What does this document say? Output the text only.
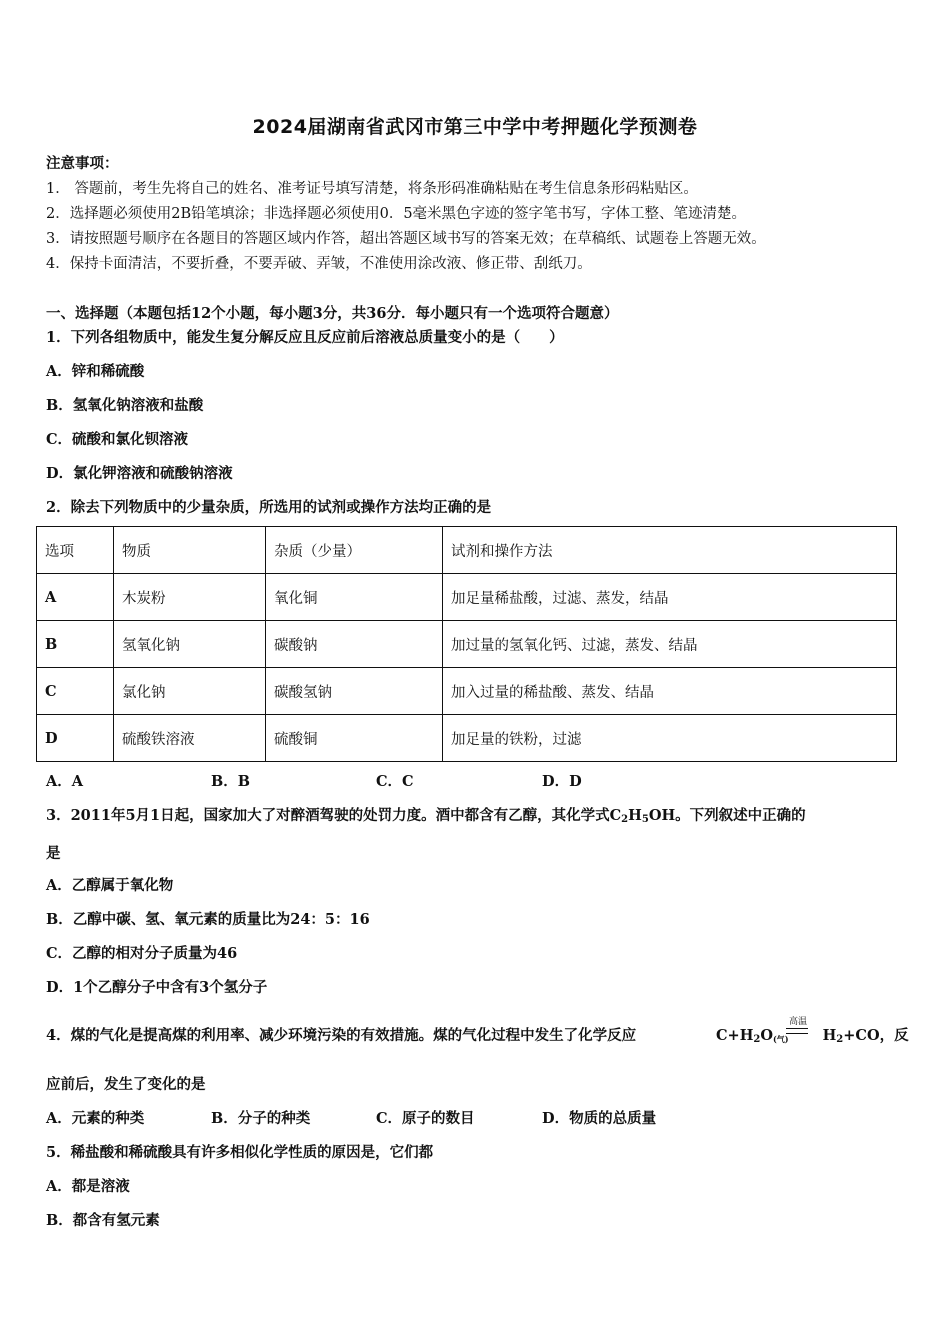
2024届湖南省武冈市第三中学中考押题化学预测卷
注意事项：
1． 答题前，考生先将自己的姓名、准考证号填写清楚，将条形码准确粘贴在考生信息条形码粘贴区。
2．选择题必须使用2B铅笔填涂；非选择题必须使用0．5毫米黑色字迹的签字笔书写，字体工整、笔迹清楚。
3．请按照题号顺序在各题目的答题区域内作答，超出答题区域书写的答案无效；在草稿纸、试题卷上答题无效。
4．保持卡面清洁，不要折叠，不要弄破、弄皱，不准使用涂改液、修正带、刮纸刀。
一、选择题（本题包括12个小题，每小题3分，共36分．每小题只有一个选项符合题意）
1．下列各组物质中，能发生复分解反应且反应前后溶液总质量变小的是（　　）
A．锌和稀硫酸
B．氢氧化钠溶液和盐酸
C．硫酸和氯化钡溶液
D．氯化钾溶液和硫酸钠溶液
2．除去下列物质中的少量杂质，所选用的试剂或操作方法均正确的是
选项	物质	杂质（少量）	试剂和操作方法
A	木炭粉	氧化铜	加足量稀盐酸，过滤、蒸发，结晶
B	氢氧化钠	碳酸钠	加过量的氢氧化钙、过滤，蒸发、结晶
C	氯化钠	碳酸氢钠	加入过量的稀盐酸、蒸发、结晶
D	硫酸铁溶液	硫酸铜	加足量的铁粉，过滤
A．A	B．B	C．C	D．D
3．2011年5月1日起，国家加大了对醉酒驾驶的处罚力度。酒中都含有乙醇，其化学式$C_2H_5OH$。下列叙述中正确的
是
A．乙醇属于氧化物
B．乙醇中碳、氢、氧元素的质量比为24：5：16
C．乙醇的相对分子质量为46
D．1个乙醇分子中含有3个氢分子
4．煤的气化是提高煤的利用率、减少环境污染的有效措施。煤的气化过程中发生了化学反应	$C+H_2O_{(气)}$ $H_2+CO$，反
高温
应前后，发生了变化的是
A．元素的种类	B．分子的种类	C．原子的数目	D．物质的总质量
5．稀盐酸和稀硫酸具有许多相似化学性质的原因是，它们都
A．都是溶液
B．都含有氢元素
